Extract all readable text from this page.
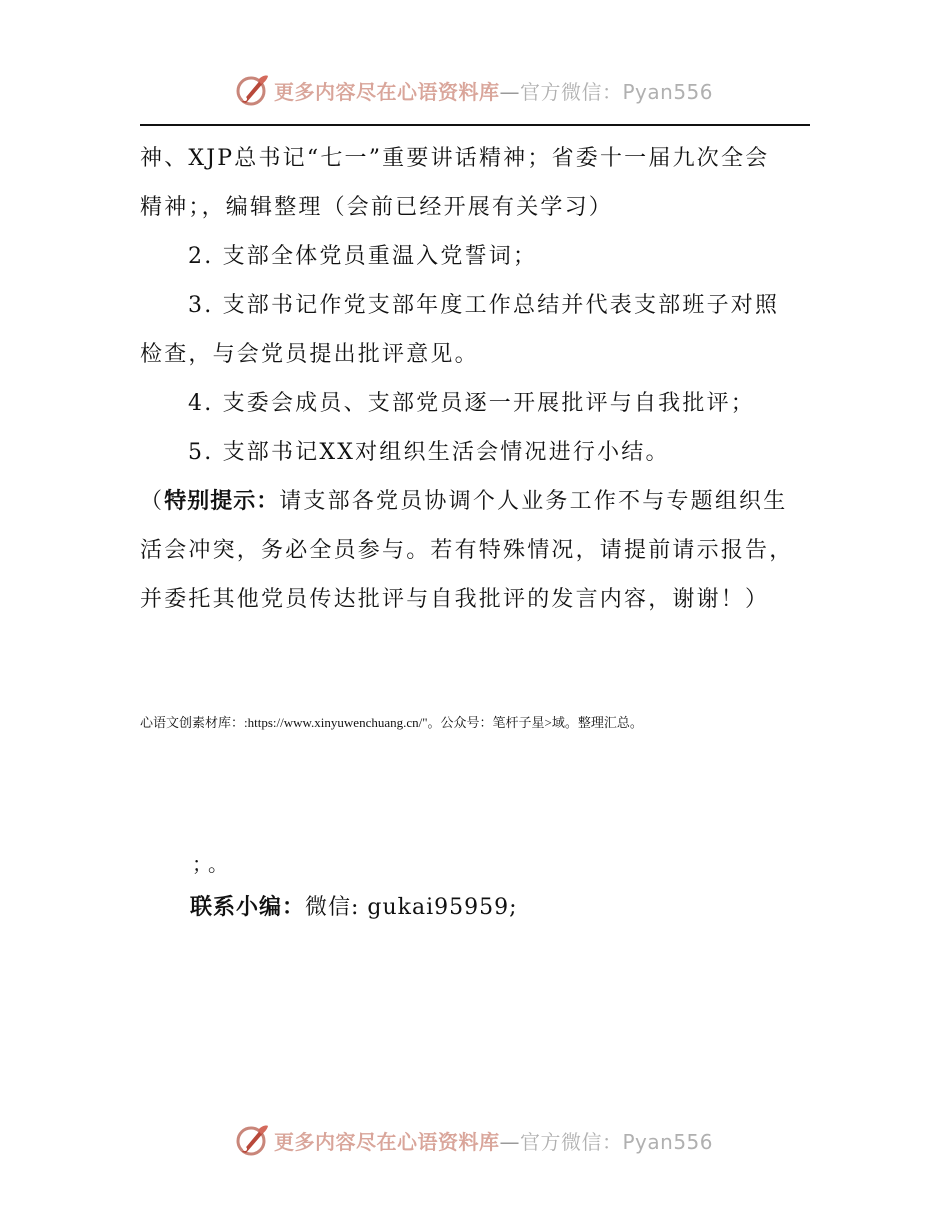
更多内容尽在心语资料库—官方微信：Pyan556
神、XJP总书记“七一”重要讲话精神；省委十一届九次全会
精神；，编辑整理（会前已经开展有关学习）
2. 支部全体党员重温入党誓词；
3. 支部书记作党支部年度工作总结并代表支部班子对照
检查，与会党员提出批评意见。
4. 支委会成员、支部党员逐一开展批评与自我批评；
5. 支部书记XX对组织生活会情况进行小结。
（特别提示：请支部各党员协调个人业务工作不与专题组织生
活会冲突，务必全员参与。若有特殊情况，请提前请示报告，
并委托其他党员传达批评与自我批评的发言内容，谢谢！）
心语文创素材库：:https://www.xinyuwenchuang.cn/"。公众号：笔杆子星>域。整理汇总。
；。
联系小编：微信: gukai95959;
更多内容尽在心语资料库—官方微信：Pyan556
